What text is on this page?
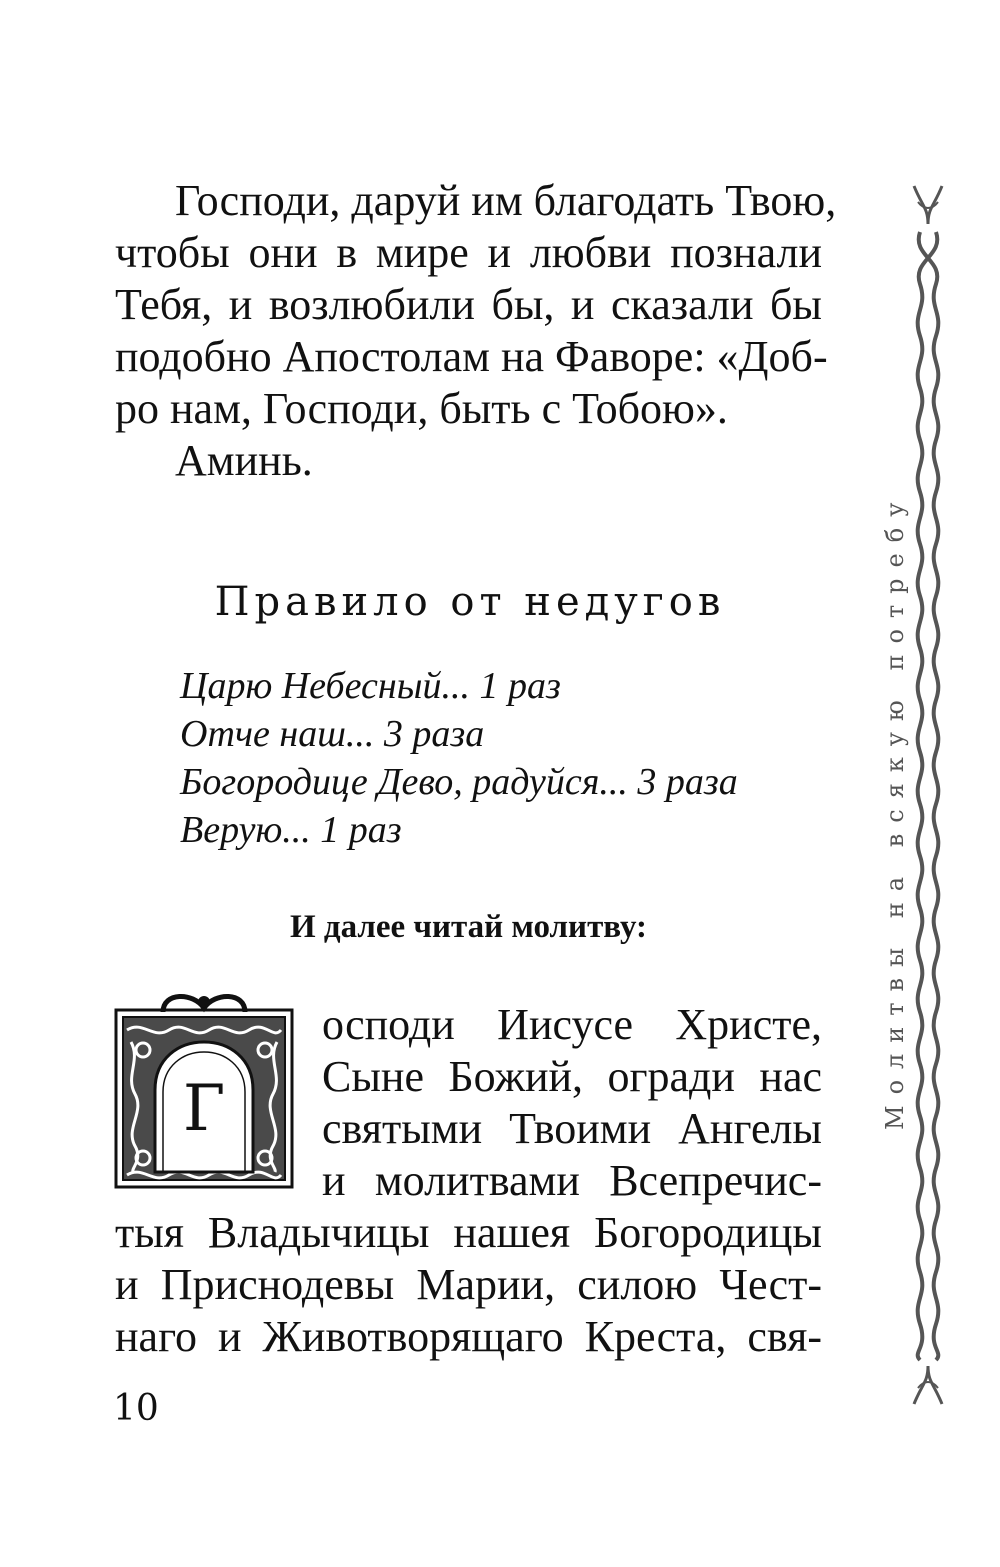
Господи, даруй им благодать Твою,
чтобы они в мире и любви познали
Тебя, и возлюбили бы, и сказали бы
подобно Апостолам на Фаворе: «Доб-
ро нам, Господи, быть с Тобою».
Аминь.
Правило от недугов
Царю Небесный... 1 раз
Отче наш... 3 раза
Богородице Дево, радуйся... 3 раза
Верую... 1 раз
И далее читай молитву:
Г
осподи Иисусе Христе,
Сыне Божий, огради нас
святыми Твоими Ангелы
и молитвами Всепречис-
тыя Владычицы нашея Богородицы
и Приснодевы Марии, силою Чест-
наго и Животворящаго Креста, свя-
10
Молитвы на всякую потребу
